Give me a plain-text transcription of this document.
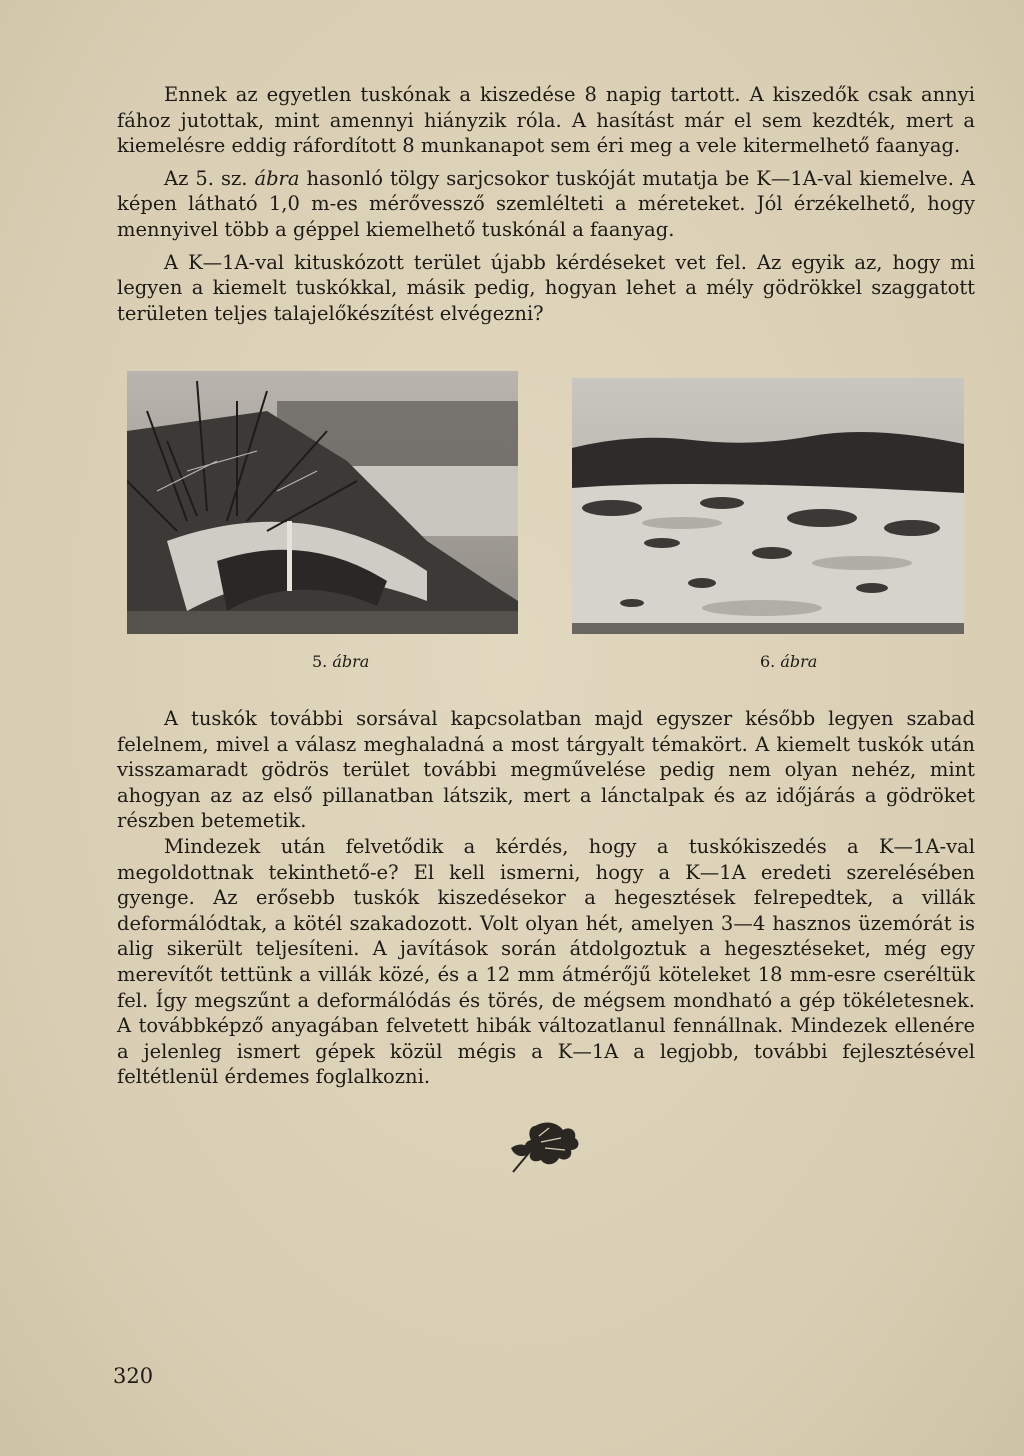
Ennek az egyetlen tuskónak a kiszedése 8 napig tartott. A kiszedők csak annyi fához jutottak, mint amennyi hiányzik róla. A hasítást már el sem kezdték, mert a kiemelésre eddig ráfordított 8 munkanapot sem éri meg a vele kitermelhető faanyag.

Az 5. sz. ábra hasonló tölgy sarjcsokor tuskóját mutatja be K—1A-val kiemelve. A képen látható 1,0 m-es mérővessző szemlélteti a méreteket. Jól érzékelhető, hogy mennyivel több a géppel kiemelhető tuskónál a faanyag.

A K—1A-val kituskózott terület újabb kérdéseket vet fel. Az egyik az, hogy mi legyen a kiemelt tuskókkal, másik pedig, hogyan lehet a mély gödrökkel szaggatott területen teljes talajelőkészítést elvégezni?

5. ábra	6. ábra

A tuskók további sorsával kapcsolatban majd egyszer később legyen szabad felelnem, mivel a válasz meghaladná a most tárgyalt témakört. A kiemelt tuskók után visszamaradt gödrös terület további megművelése pedig nem olyan nehéz, mint ahogyan az az első pillanatban látszik, mert a lánctalpak és az időjárás a gödröket részben betemetik.

Mindezek után felvetődik a kérdés, hogy a tuskókiszedés a K—1A-val megoldottnak tekinthető-e? El kell ismerni, hogy a K—1A eredeti szerelésében gyenge. Az erősebb tuskók kiszedésekor a hegesztések felrepedtek, a villák deformálódtak, a kötél szakadozott. Volt olyan hét, amelyen 3—4 hasznos üzemórát is alig sikerült teljesíteni. A javítások során átdolgoztuk a hegesztéseket, még egy merevítőt tettünk a villák közé, és a 12 mm átmérőjű köteleket 18 mm-esre cseréltük fel. Így megszűnt a deformálódás és törés, de mégsem mondható a gép tökéletesnek. A továbbképző anyagában felvetett hibák változatlanul fennállnak. Mindezek ellenére a jelenleg ismert gépek közül mégis a K—1A a legjobb, további fejlesztésével feltétlenül érdemes foglalkozni.

320
